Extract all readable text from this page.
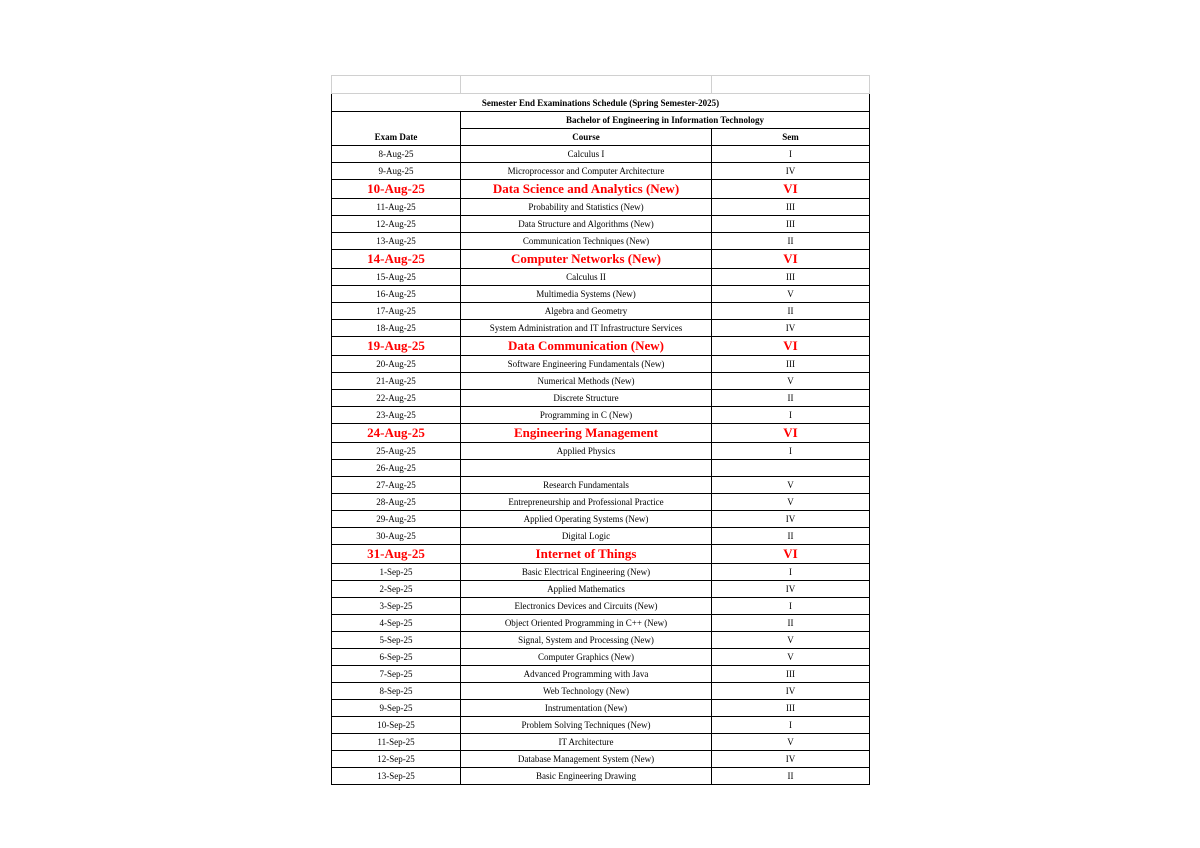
Semester End Examinations Schedule (Spring Semester-2025)		
	Bachelor of Engineering in Information Technology	
Exam Date	Course	Sem
8-Aug-25	Calculus I	I
9-Aug-25	Microprocessor and Computer Architecture	IV
10-Aug-25	Data Science and Analytics (New)	VI
11-Aug-25	Probability and Statistics (New)	III
12-Aug-25	Data Structure and Algorithms (New)	III
13-Aug-25	Communication Techniques (New)	II
14-Aug-25	Computer Networks (New)	VI
15-Aug-25	Calculus II	III
16-Aug-25	Multimedia Systems (New)	V
17-Aug-25	Algebra and Geometry	II
18-Aug-25	System Administration and IT Infrastructure Services	IV
19-Aug-25	Data Communication (New)	VI
20-Aug-25	Software Engineering Fundamentals (New)	III
21-Aug-25	Numerical Methods (New)	V
22-Aug-25	Discrete Structure	II
23-Aug-25	Programming in C (New)	I
24-Aug-25	Engineering Management	VI
25-Aug-25	Applied Physics	I
26-Aug-25		
27-Aug-25	Research Fundamentals	V
28-Aug-25	Entrepreneurship and Professional Practice	V
29-Aug-25	Applied Operating Systems (New)	IV
30-Aug-25	Digital Logic	II
31-Aug-25	Internet of Things	VI
1-Sep-25	Basic Electrical Engineering (New)	I
2-Sep-25	Applied Mathematics	IV
3-Sep-25	Electronics Devices and Circuits (New)	I
4-Sep-25	Object Oriented Programming in C++ (New)	II
5-Sep-25	Signal, System and Processing (New)	V
6-Sep-25	Computer Graphics (New)	V
7-Sep-25	Advanced Programming with Java	III
8-Sep-25	Web Technology (New)	IV
9-Sep-25	Instrumentation (New)	III
10-Sep-25	Problem Solving Techniques (New)	I
11-Sep-25	IT Architecture	V
12-Sep-25	Database Management System (New)	IV
13-Sep-25	Basic Engineering Drawing	II
